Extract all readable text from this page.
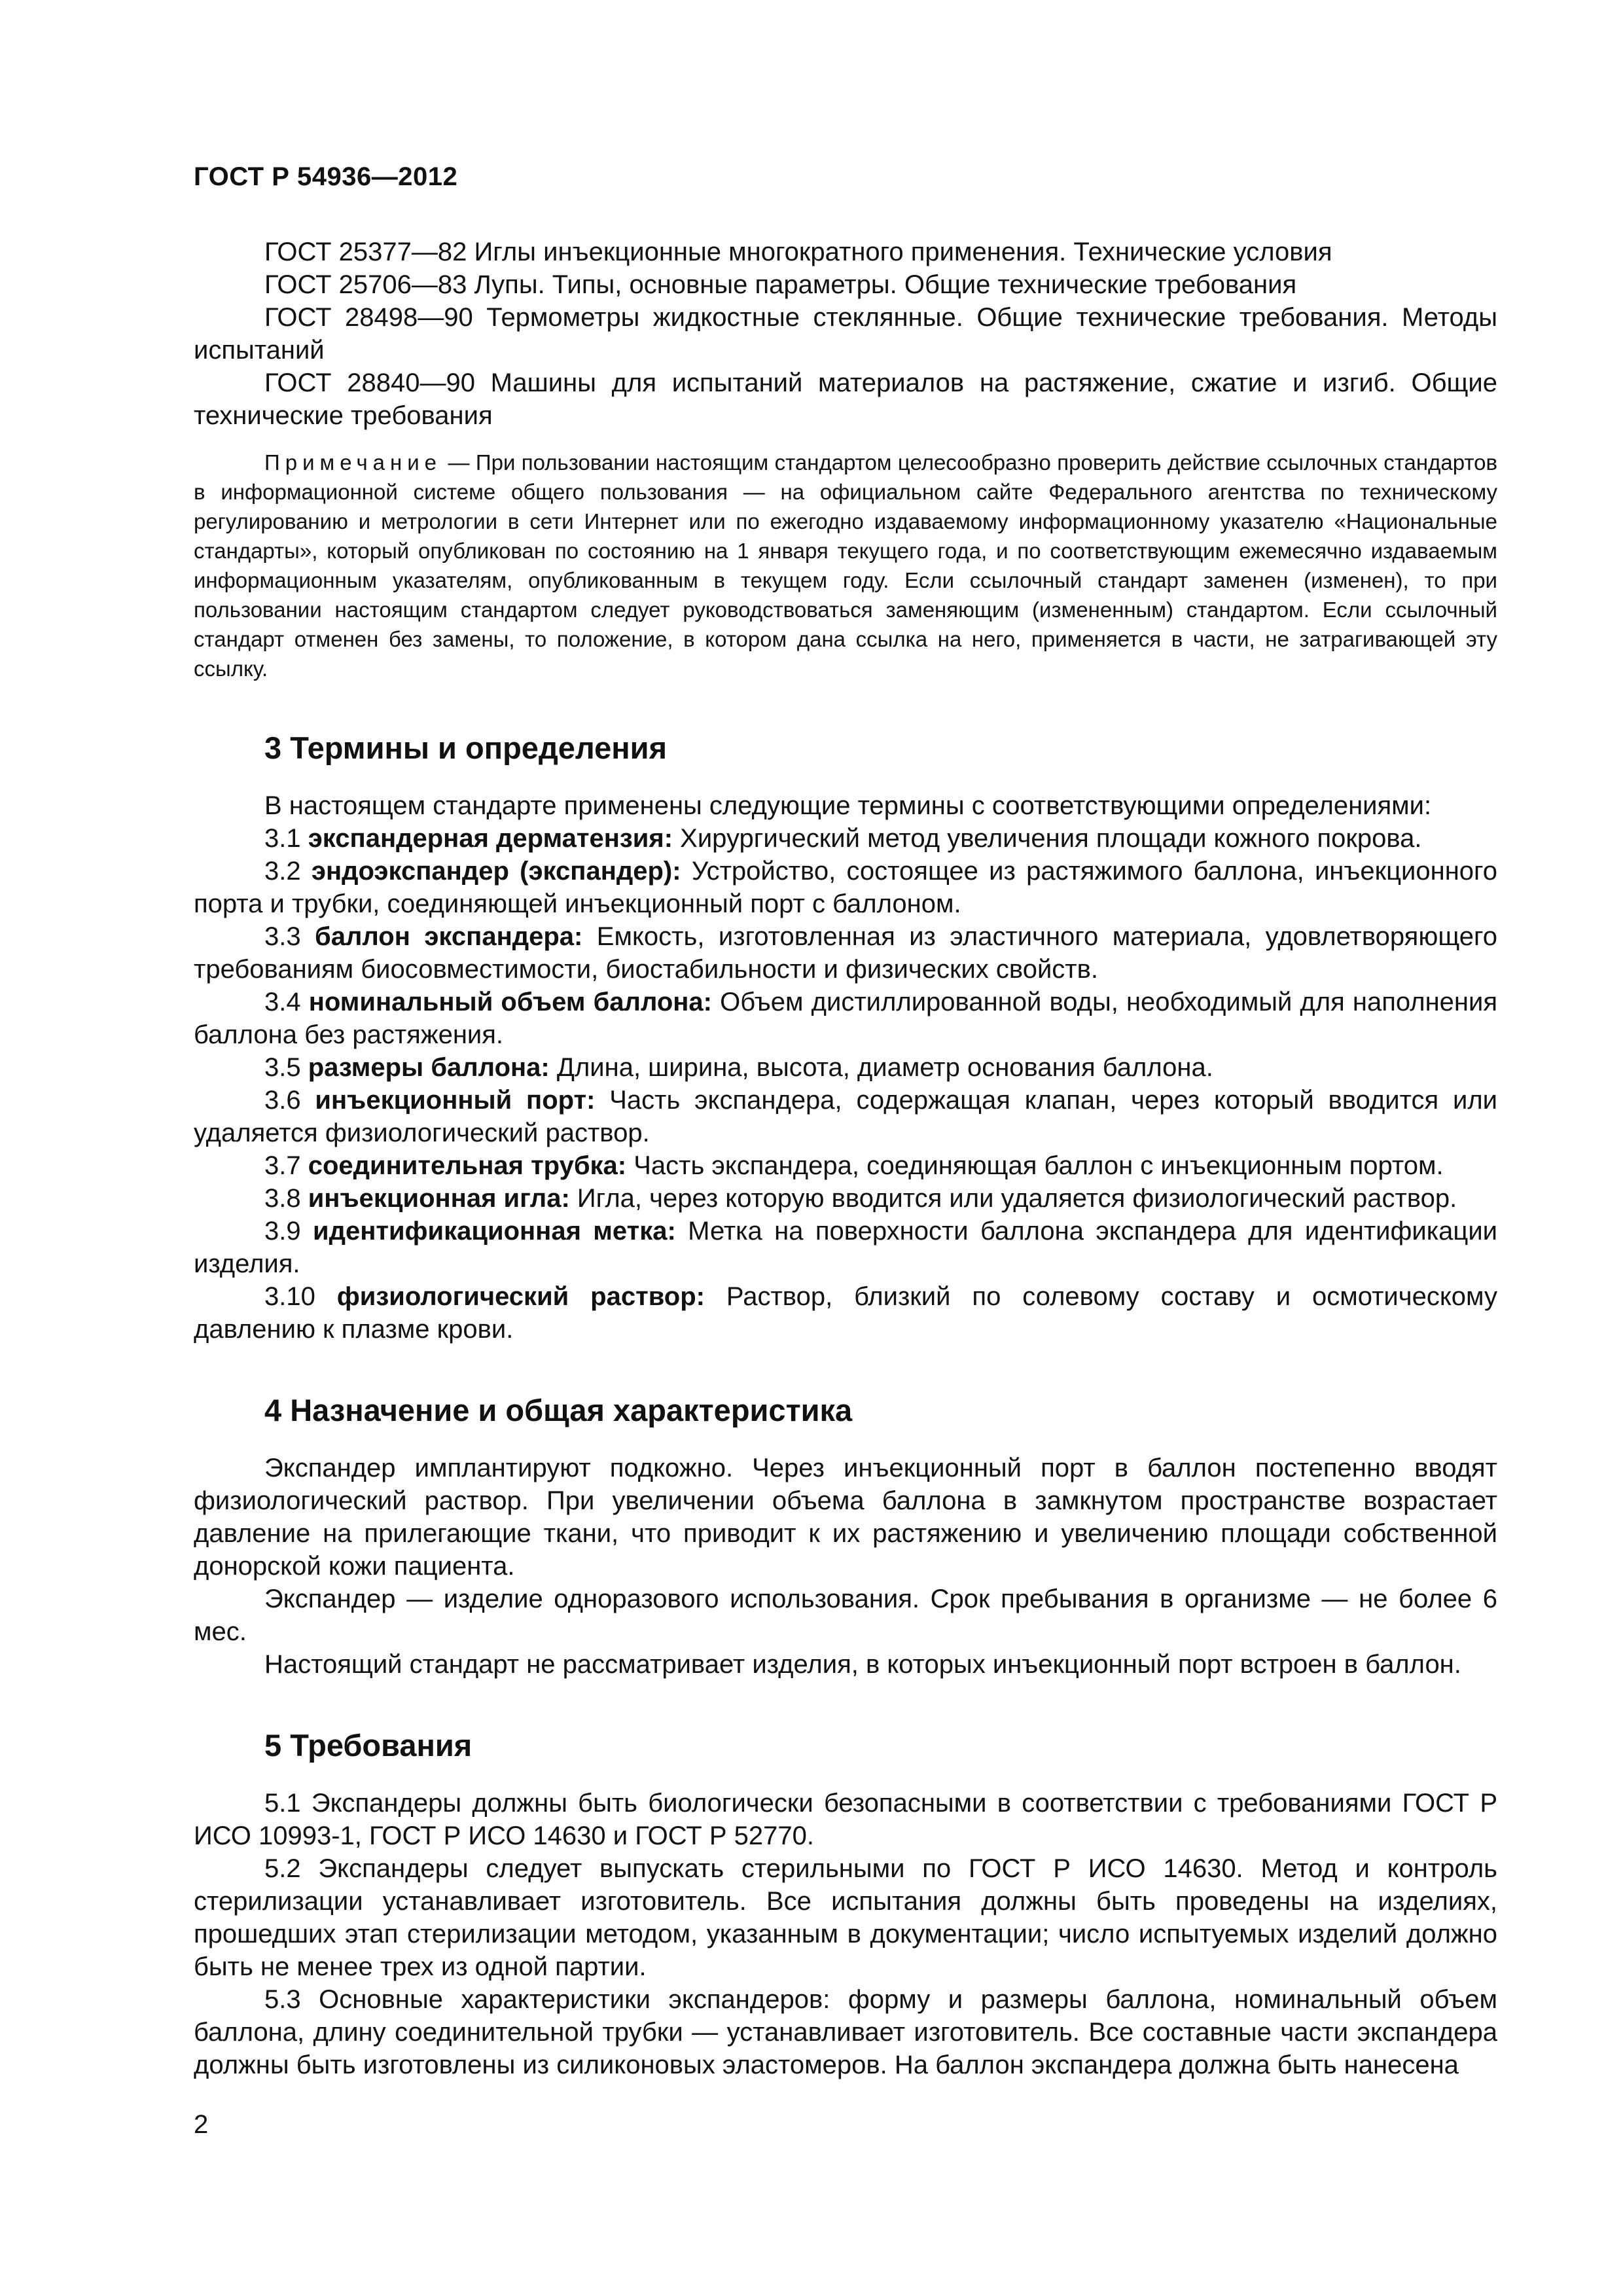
ГОСТ Р 54936—2012

ГОСТ 25377—82 Иглы инъекционные многократного применения. Технические условия

ГОСТ 25706—83 Лупы. Типы, основные параметры. Общие технические требования

ГОСТ 28498—90 Термометры жидкостные стеклянные. Общие технические требования. Методы испытаний

ГОСТ 28840—90 Машины для испытаний материалов на растяжение, сжатие и изгиб. Общие технические требования

Примечание — При пользовании настоящим стандартом целесообразно проверить действие ссылочных стандартов в информационной системе общего пользования — на официальном сайте Федерального агентства по техническому регулированию и метрологии в сети Интернет или по ежегодно издаваемому информационному указателю «Национальные стандарты», который опубликован по состоянию на 1 января текущего года, и по соответствующим ежемесячно издаваемым информационным указателям, опубликованным в текущем году. Если ссылочный стандарт заменен (изменен), то при пользовании настоящим стандартом следует руководствоваться заменяющим (измененным) стандартом. Если ссылочный стандарт отменен без замены, то положение, в котором дана ссылка на него, применяется в части, не затрагивающей эту ссылку.

3 Термины и определения

В настоящем стандарте применены следующие термины с соответствующими определениями:

3.1 экспандерная дерматензия: Хирургический метод увеличения площади кожного покрова.

3.2 эндоэкспандер (экспандер): Устройство, состоящее из растяжимого баллона, инъекционного порта и трубки, соединяющей инъекционный порт с баллоном.

3.3 баллон экспандера: Емкость, изготовленная из эластичного материала, удовлетворяющего требованиям биосовместимости, биостабильности и физических свойств.

3.4 номинальный объем баллона: Объем дистиллированной воды, необходимый для наполнения баллона без растяжения.

3.5 размеры баллона: Длина, ширина, высота, диаметр основания баллона.

3.6 инъекционный порт: Часть экспандера, содержащая клапан, через который вводится или удаляется физиологический раствор.

3.7 соединительная трубка: Часть экспандера, соединяющая баллон с инъекционным портом.

3.8 инъекционная игла: Игла, через которую вводится или удаляется физиологический раствор.

3.9 идентификационная метка: Метка на поверхности баллона экспандера для идентификации изделия.

3.10 физиологический раствор: Раствор, близкий по солевому составу и осмотическому давлению к плазме крови.

4 Назначение и общая характеристика

Экспандер имплантируют подкожно. Через инъекционный порт в баллон постепенно вводят физиологический раствор. При увеличении объема баллона в замкнутом пространстве возрастает давление на прилегающие ткани, что приводит к их растяжению и увеличению площади собственной донорской кожи пациента.

Экспандер — изделие одноразового использования. Срок пребывания в организме — не более 6 мес.

Настоящий стандарт не рассматривает изделия, в которых инъекционный порт встроен в баллон.

5 Требования

5.1 Экспандеры должны быть биологически безопасными в соответствии с требованиями ГОСТ Р ИСО 10993-1, ГОСТ Р ИСО 14630 и ГОСТ Р 52770.

5.2 Экспандеры следует выпускать стерильными по ГОСТ Р ИСО 14630. Метод и контроль стерилизации устанавливает изготовитель. Все испытания должны быть проведены на изделиях, прошедших этап стерилизации методом, указанным в документации; число испытуемых изделий должно быть не менее трех из одной партии.

5.3 Основные характеристики экспандеров: форму и размеры баллона, номинальный объем баллона, длину соединительной трубки — устанавливает изготовитель. Все составные части экспандера должны быть изготовлены из силиконовых эластомеров. На баллон экспандера должна быть нанесена

2
